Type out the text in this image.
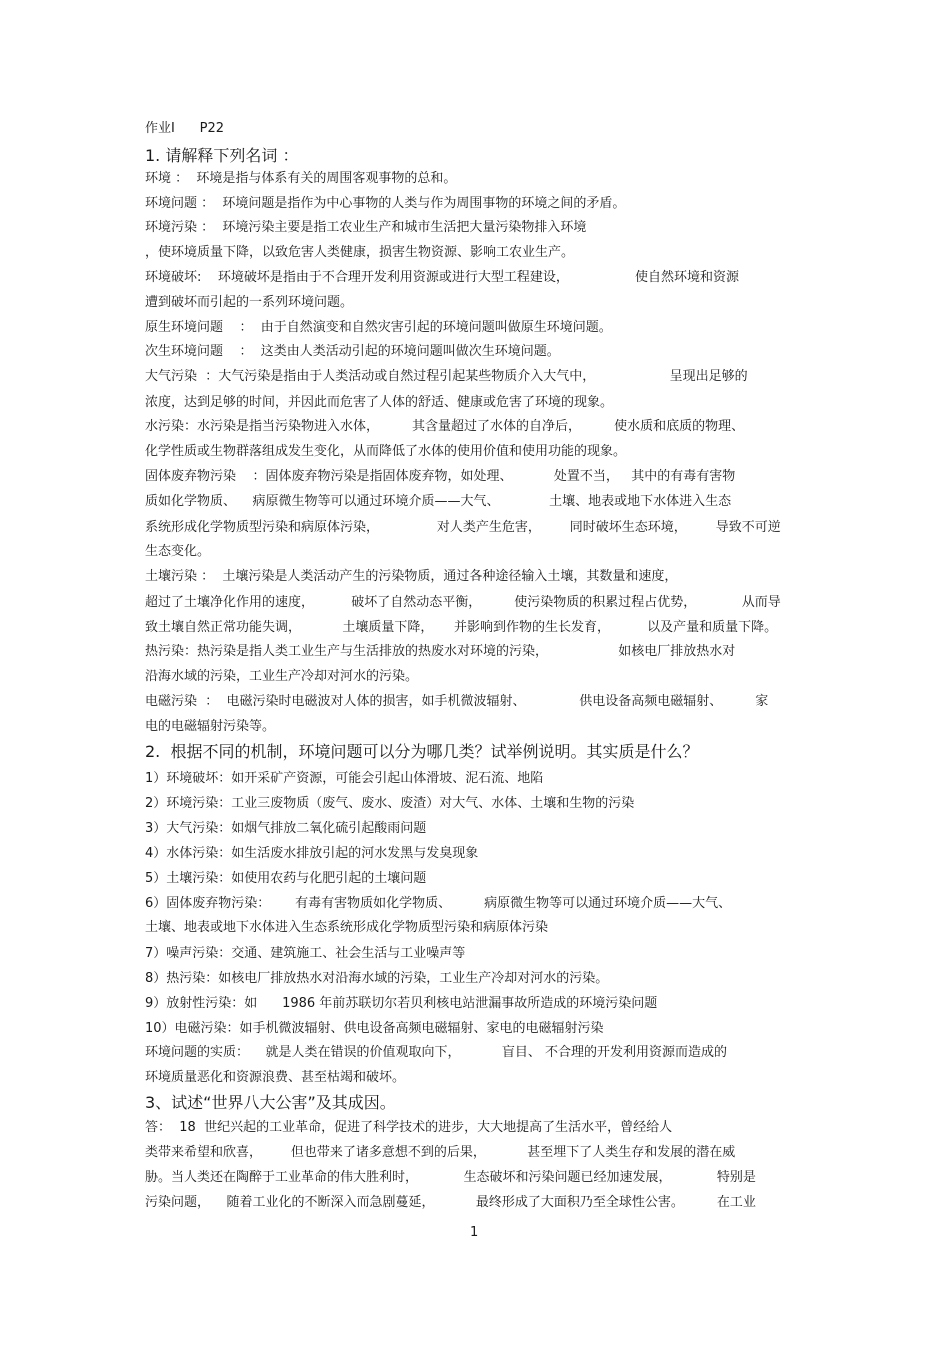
作业Ⅰ      P22
1. 请解释下列名词 ：
环境 ：  环境是指与体系有关的周围客观事物的总和。
环境问题 ：  环境问题是指作为中心事物的人类与作为周围事物的环境之间的矛盾。
环境污染 ：  环境污染主要是指工农业生产和城市生活把大量污染物排入环境
，使环境质量下降，以致危害人类健康，损害生物资源、影响工农业生产。
环境破坏:    环境破坏是指由于不合理开发利用资源或进行大型工程建设，                使自然环境和资源
遭到破坏而引起的一系列环境问题。
原生环境问题    ：  由于自然演变和自然灾害引起的环境问题叫做原生环境问题。
次生环境问题    ：  这类由人类活动引起的环境问题叫做次生环境问题。
大气污染  ：大气污染是指由于人类活动或自然过程引起某些物质介入大气中，                  呈现出足够的
浓度，达到足够的时间，并因此而危害了人体的舒适、健康或危害了环境的现象。
水污染：水污染是指当污染物进入水体，        其含量超过了水体的自净后，        使水质和底质的物理、
化学性质或生物群落组成发生变化，从而降低了水体的使用价值和使用功能的现象。
固体废弃物污染    ：固体废弃物污染是指固体废弃物，如处理、          处置不当，   其中的有毒有害物
质如化学物质、    病原微生物等可以通过环境介质——大气、            土壤、地表或地下水体进入生态
系统形成化学物质型污染和病原体污染，              对人类产生危害，       同时破坏生态环境，       导致不可逆
生态变化。
土壤污染 ：  土壤污染是人类活动产生的污染物质，通过各种途径输入土壤，其数量和速度，
超过了土壤净化作用的速度，         破坏了自然动态平衡，        使污染物质的积累过程占优势，           从而导
致土壤自然正常功能失调，          土壤质量下降，     并影响到作物的生长发育，         以及产量和质量下降。
热污染：热污染是指人类工业生产与生活排放的热废水对环境的污染，                 如核电厂排放热水对
沿海水域的污染，工业生产冷却对河水的污染。
电磁污染  ：  电磁污染时电磁波对人体的损害，如手机微波辐射、             供电设备高频电磁辐射、        家
电的电磁辐射污染等。
2.  根据不同的机制，环境问题可以分为哪几类？试举例说明。其实质是什么？
1）环境破坏：如开采矿产资源，可能会引起山体滑坡、泥石流、地陷
2）环境污染：工业三废物质（废气、废水、废渣）对大气、水体、土壤和生物的污染
3）大气污染：如烟气排放二氧化硫引起酸雨问题
4）水体污染：如生活废水排放引起的河水发黑与发臭现象
5）土壤污染：如使用农药与化肥引起的土壤问题
6）固体废弃物污染：      有毒有害物质如化学物质、        病原微生物等可以通过环境介质——大气、
土壤、地表或地下水体进入生态系统形成化学物质型污染和病原体污染
7）噪声污染：交通、建筑施工、社会生活与工业噪声等
8）热污染：如核电厂排放热水对沿海水域的污染，工业生产冷却对河水的污染。
9）放射性污染：如      1986 年前苏联切尔若贝利核电站泄漏事故所造成的环境污染问题
10）电磁污染：如手机微波辐射、供电设备高频电磁辐射、家电的电磁辐射污染
环境问题的实质：    就是人类在错误的价值观取向下，          盲目、 不合理的开发利用资源而造成的
环境质量恶化和资源浪费、甚至枯竭和破坏。
3、试述“世界八大公害”及其成因。
答：  18  世纪兴起的工业革命，促进了科学技术的进步，大大地提高了生活水平，曾经给人
类带来希望和欣喜，       但也带来了诸多意想不到的后果，          甚至埋下了人类生存和发展的潜在威
胁。当人类还在陶醉于工业革命的伟大胜利时，           生态破坏和污染问题已经加速发展，           特别是
污染问题，    随着工业化的不断深入而急剧蔓延，          最终形成了大面积乃至全球性公害。        在工业
1
